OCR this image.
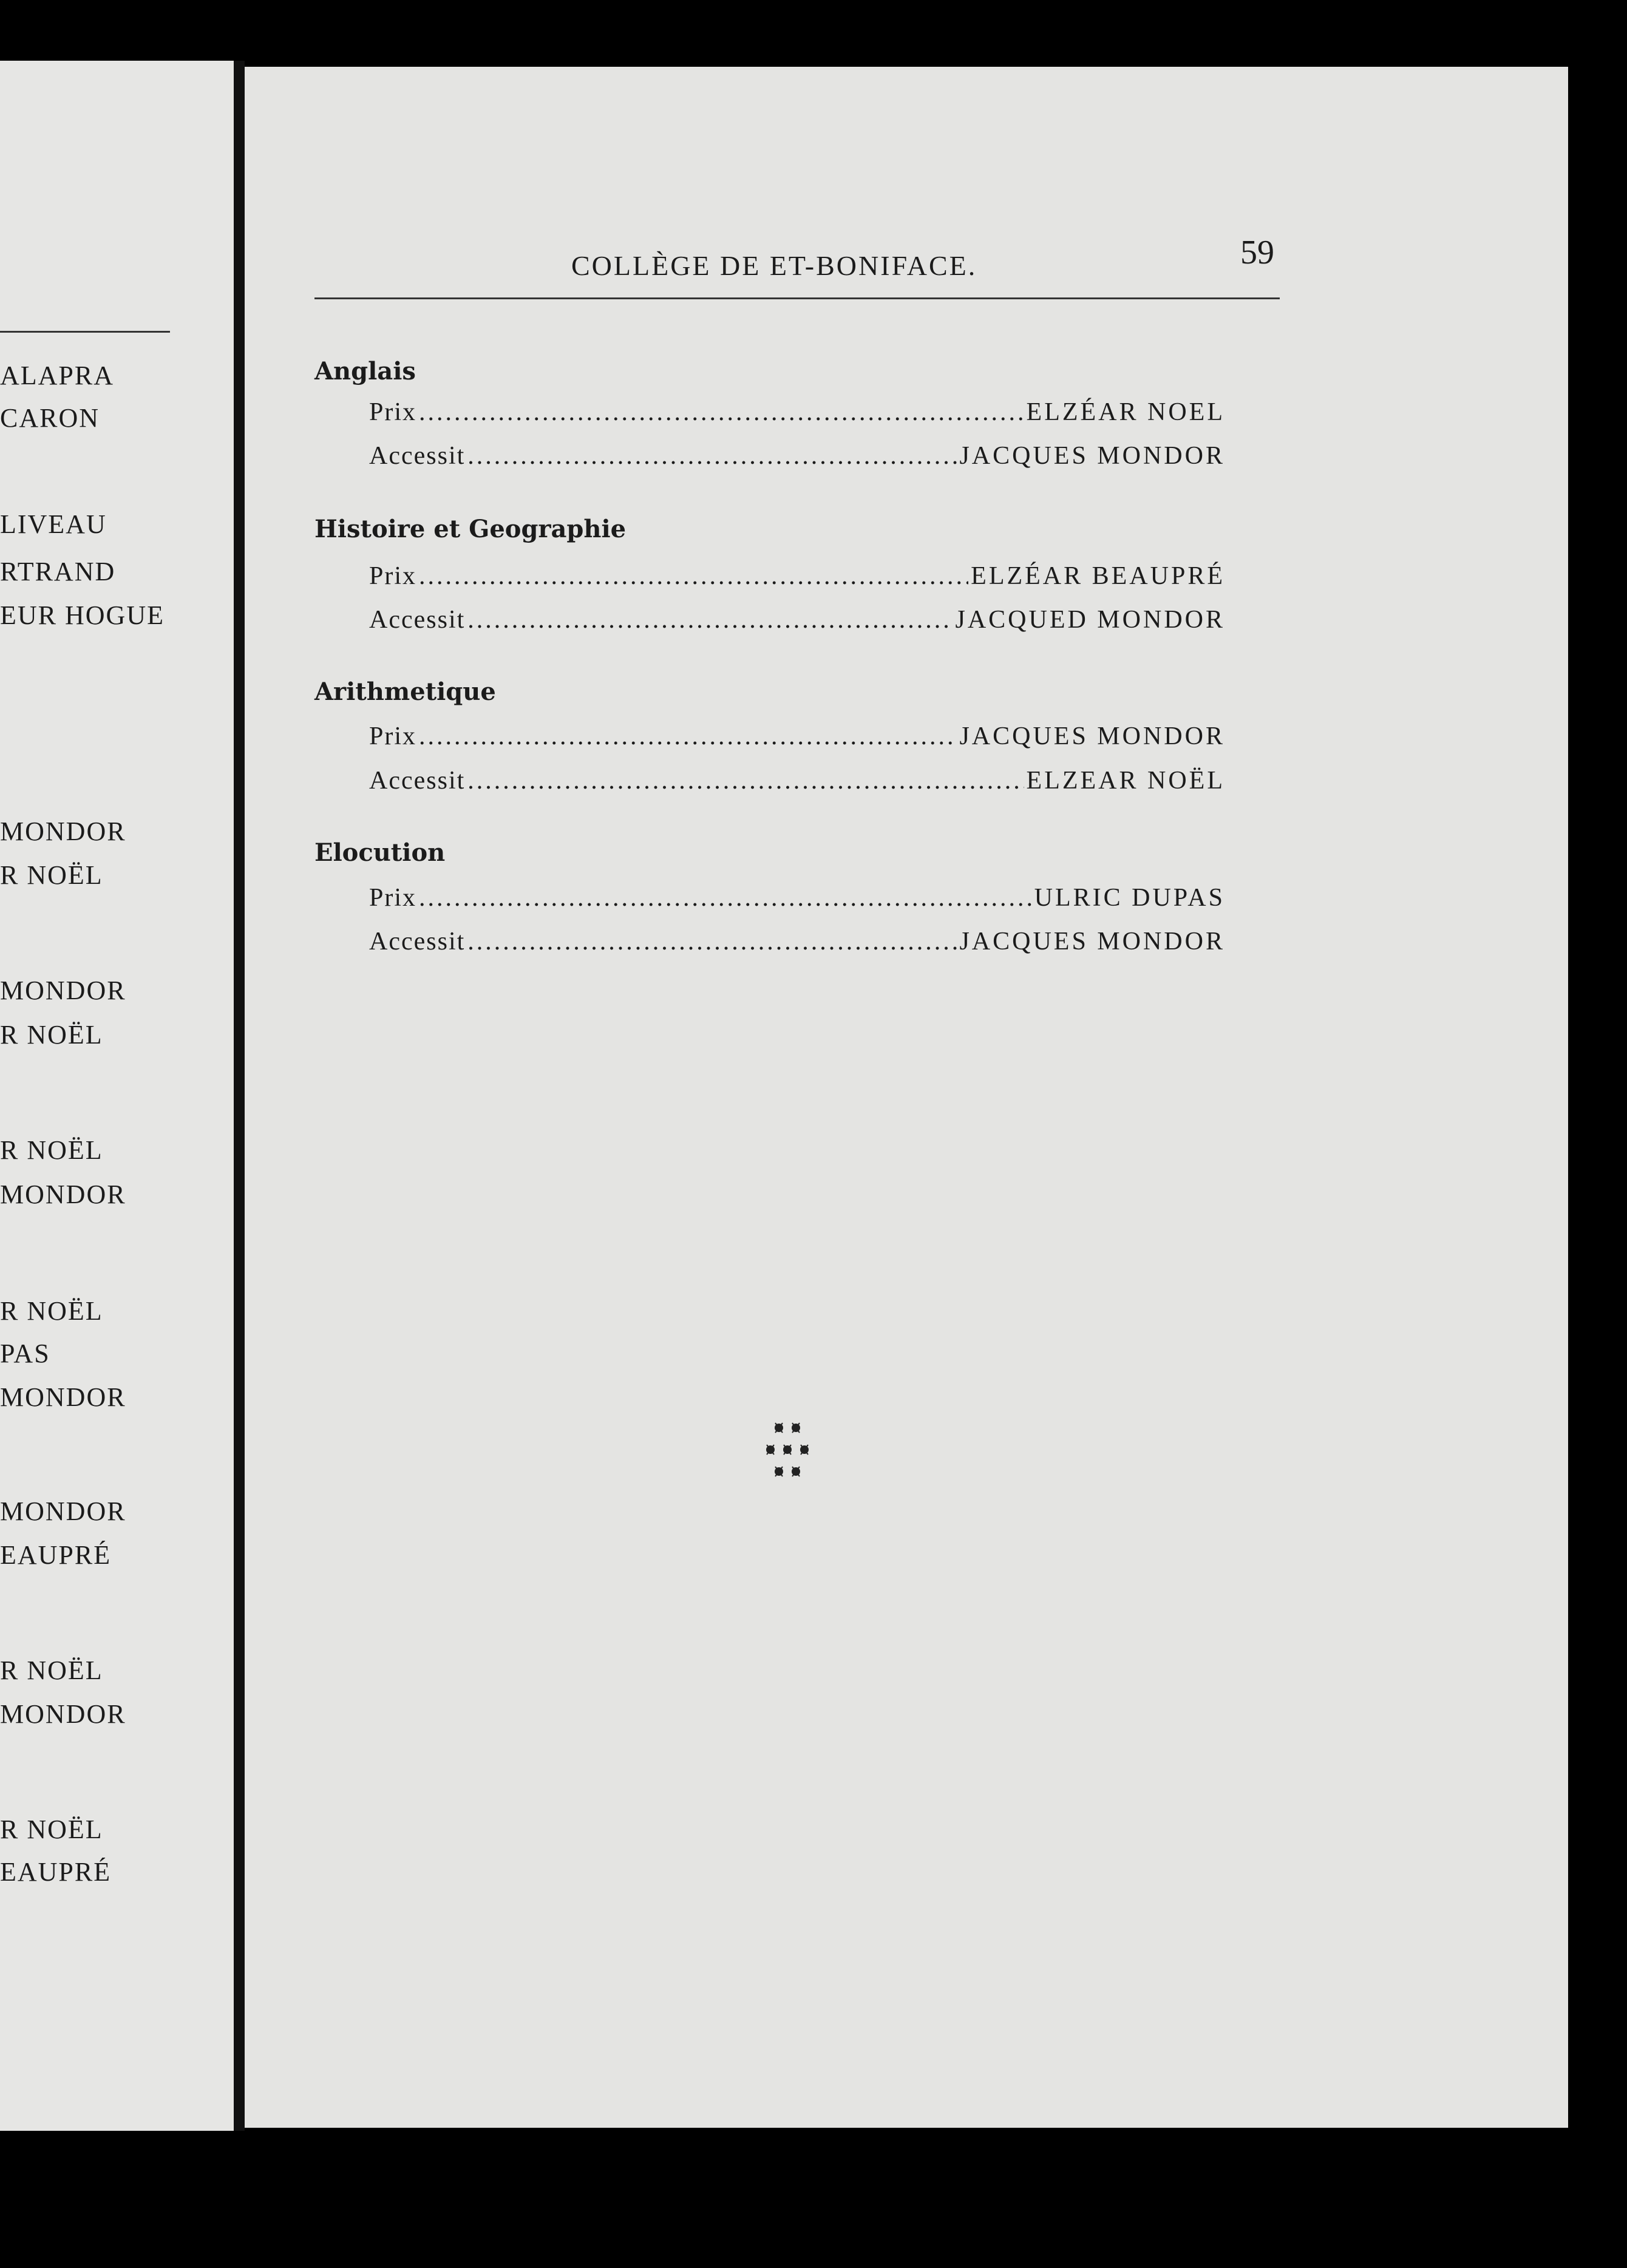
ALAPRA
CARON
LIVEAU
RTRAND
EUR HOGUE
MONDOR
R NOËL
MONDOR
R NOËL
R NOËL
MONDOR
R NOËL
PAS
MONDOR
MONDOR
EAUPRÉ
R NOËL
MONDOR
R NOËL
EAUPRÉ
COLLÈGE DE ET-BONIFACE.	59
Anglais
Prix .....	ELZÉAR NOEL
Accessit .....	JACQUES MONDOR
Histoire et Geographie
Prix .....	ELZÉAR BEAUPRÉ
Accessit .....	JACQUED MONDOR
Arithmetique
Prix .....	JACQUES MONDOR
Accessit .....	ELZEAR NOËL
Elocution
Prix .....	ULRIC DUPAS
Accessit .....	JACQUES MONDOR
